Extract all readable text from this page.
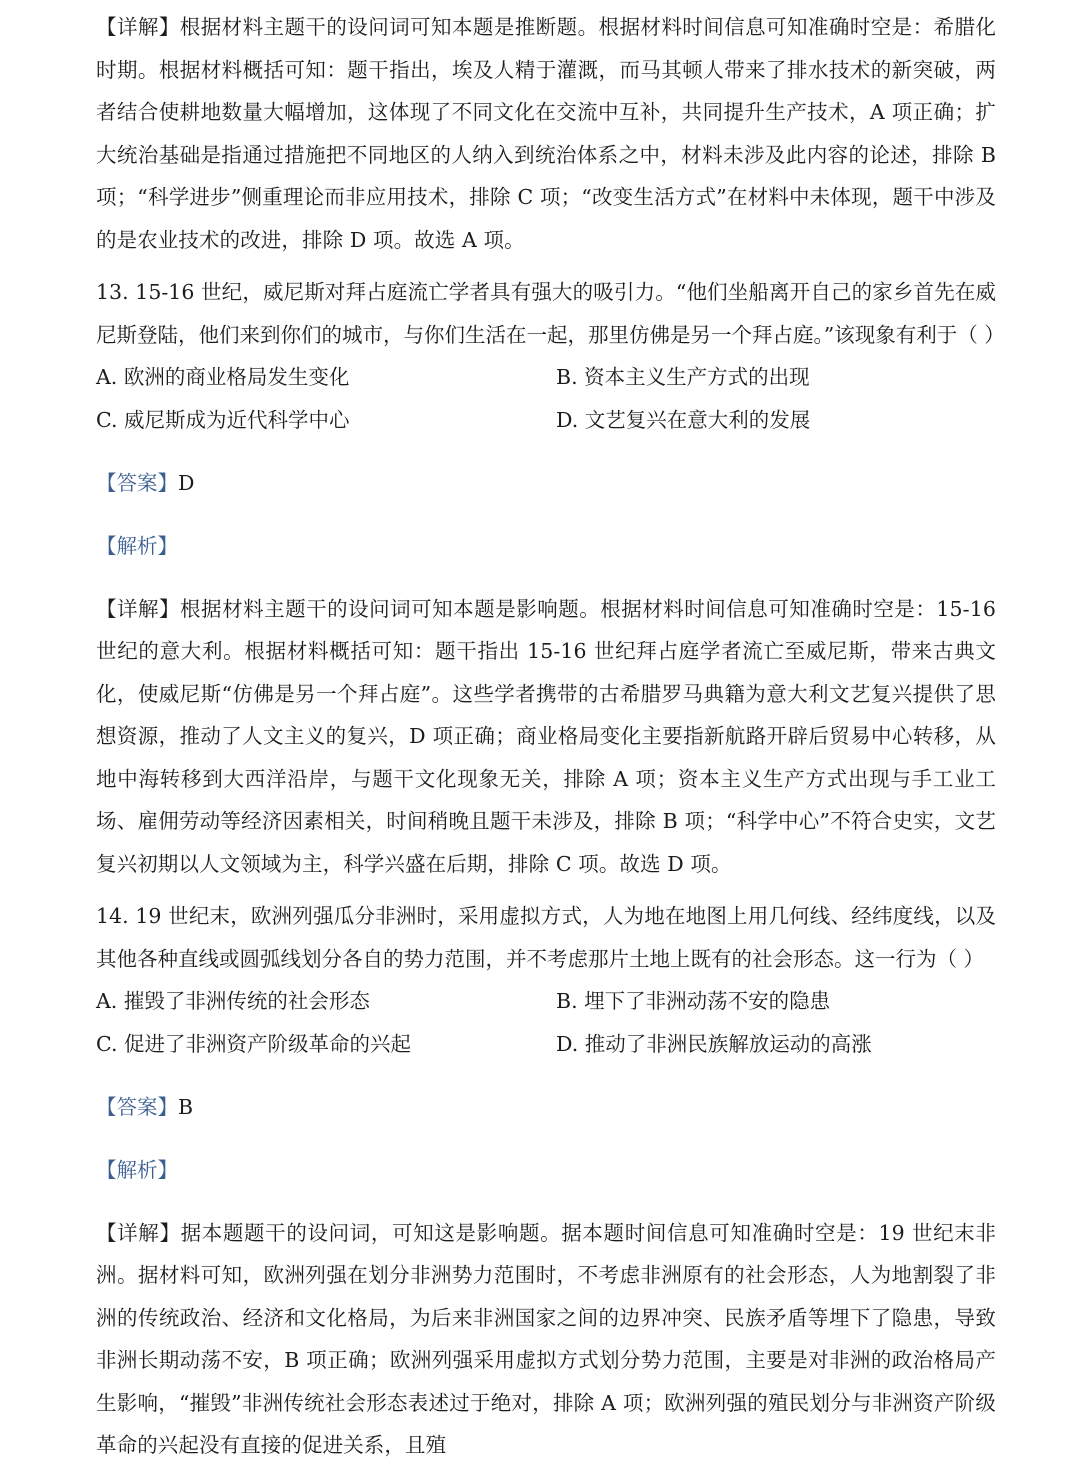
【详解】根据材料主题干的设问词可知本题是推断题。根据材料时间信息可知准确时空是：希腊化时期。根据材料概括可知：题干指出，埃及人精于灌溉，而马其顿人带来了排水技术的新突破，两者结合使耕地数量大幅增加，这体现了不同文化在交流中互补，共同提升生产技术，A 项正确；扩大统治基础是指通过措施把不同地区的人纳入到统治体系之中，材料未涉及此内容的论述，排除 B 项；“科学进步”侧重理论而非应用技术，排除 C 项；“改变生活方式”在材料中未体现，题干中涉及的是农业技术的改进，排除 D 项。故选 A 项。

13. 15-16 世纪，威尼斯对拜占庭流亡学者具有强大的吸引力。“他们坐船离开自己的家乡首先在威尼斯登陆，他们来到你们的城市，与你们生活在一起，那里仿佛是另一个拜占庭。”该现象有利于（ ）

A. 欧洲的商业格局发生变化	B. 资本主义生产方式的出现
C. 威尼斯成为近代科学中心	D. 文艺复兴在意大利的发展

【答案】D

【解析】

【详解】根据材料主题干的设问词可知本题是影响题。根据材料时间信息可知准确时空是：15-16 世纪的意大利。根据材料概括可知：题干指出 15-16 世纪拜占庭学者流亡至威尼斯，带来古典文化，使威尼斯“仿佛是另一个拜占庭”。这些学者携带的古希腊罗马典籍为意大利文艺复兴提供了思想资源，推动了人文主义的复兴，D 项正确；商业格局变化主要指新航路开辟后贸易中心转移，从地中海转移到大西洋沿岸，与题干文化现象无关，排除 A 项；资本主义生产方式出现与手工业工场、雇佣劳动等经济因素相关，时间稍晚且题干未涉及，排除 B 项；“科学中心”不符合史实，文艺复兴初期以人文领域为主，科学兴盛在后期，排除 C 项。故选 D 项。

14. 19 世纪末，欧洲列强瓜分非洲时，采用虚拟方式，人为地在地图上用几何线、经纬度线，以及其他各种直线或圆弧线划分各自的势力范围，并不考虑那片土地上既有的社会形态。这一行为（ ）

A. 摧毁了非洲传统的社会形态	B. 埋下了非洲动荡不安的隐患
C. 促进了非洲资产阶级革命的兴起	D. 推动了非洲民族解放运动的高涨

【答案】B

【解析】

【详解】据本题题干的设问词，可知这是影响题。据本题时间信息可知准确时空是：19 世纪末非洲。据材料可知，欧洲列强在划分非洲势力范围时，不考虑非洲原有的社会形态，人为地割裂了非洲的传统政治、经济和文化格局，为后来非洲国家之间的边界冲突、民族矛盾等埋下了隐患，导致非洲长期动荡不安，B 项正确；欧洲列强采用虚拟方式划分势力范围，主要是对非洲的政治格局产生影响，“摧毁”非洲传统社会形态表述过于绝对，排除 A 项；欧洲列强的殖民划分与非洲资产阶级革命的兴起没有直接的促进关系，且殖
